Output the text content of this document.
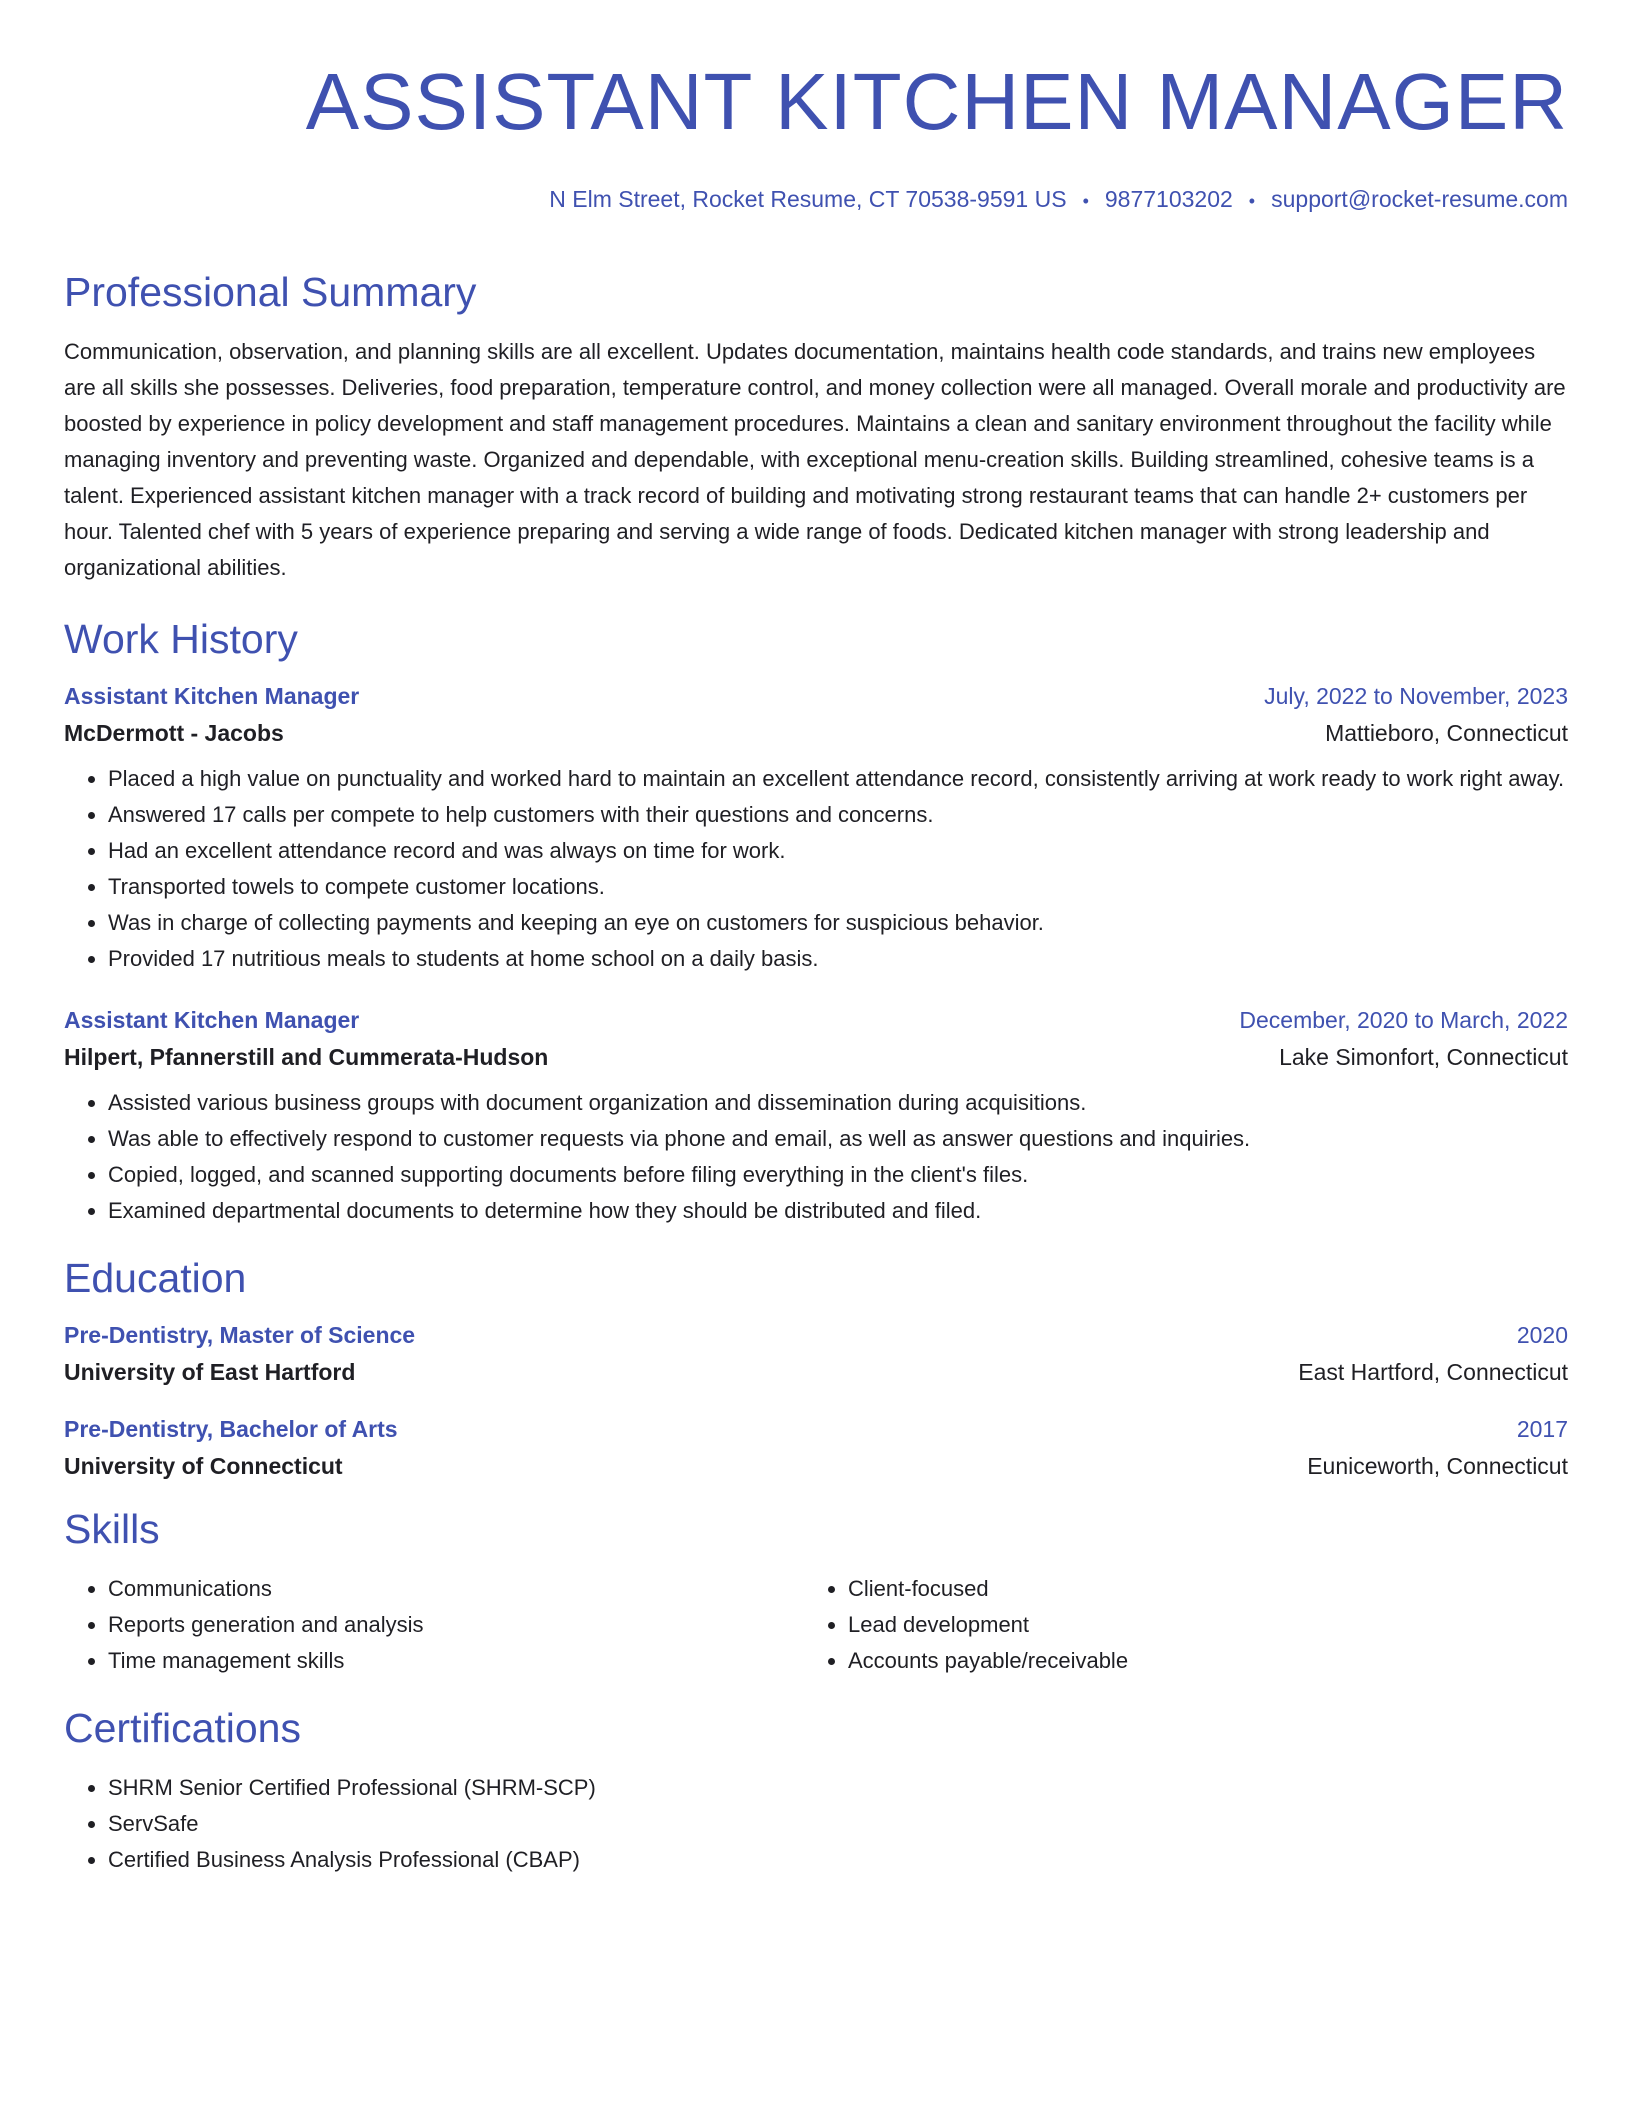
ASSISTANT KITCHEN MANAGER
N Elm Street, Rocket Resume, CT 70538-9591 US • 9877103202 • support@rocket-resume.com
Professional Summary
Communication, observation, and planning skills are all excellent. Updates documentation, maintains health code standards, and trains new employees are all skills she possesses. Deliveries, food preparation, temperature control, and money collection were all managed. Overall morale and productivity are boosted by experience in policy development and staff management procedures. Maintains a clean and sanitary environment throughout the facility while managing inventory and preventing waste. Organized and dependable, with exceptional menu-creation skills. Building streamlined, cohesive teams is a talent. Experienced assistant kitchen manager with a track record of building and motivating strong restaurant teams that can handle 2+ customers per hour. Talented chef with 5 years of experience preparing and serving a wide range of foods. Dedicated kitchen manager with strong leadership and organizational abilities.
Work History
Assistant Kitchen Manager	July, 2022 to November, 2023
McDermott - Jacobs	Mattieboro, Connecticut
• Placed a high value on punctuality and worked hard to maintain an excellent attendance record, consistently arriving at work ready to work right away.
• Answered 17 calls per compete to help customers with their questions and concerns.
• Had an excellent attendance record and was always on time for work.
• Transported towels to compete customer locations.
• Was in charge of collecting payments and keeping an eye on customers for suspicious behavior.
• Provided 17 nutritious meals to students at home school on a daily basis.
Assistant Kitchen Manager	December, 2020 to March, 2022
Hilpert, Pfannerstill and Cummerata-Hudson	Lake Simonfort, Connecticut
• Assisted various business groups with document organization and dissemination during acquisitions.
• Was able to effectively respond to customer requests via phone and email, as well as answer questions and inquiries.
• Copied, logged, and scanned supporting documents before filing everything in the client's files.
• Examined departmental documents to determine how they should be distributed and filed.
Education
Pre-Dentistry, Master of Science	2020
University of East Hartford	East Hartford, Connecticut
Pre-Dentistry, Bachelor of Arts	2017
University of Connecticut	Euniceworth, Connecticut
Skills
• Communications
• Reports generation and analysis
• Time management skills
• Client-focused
• Lead development
• Accounts payable/receivable
Certifications
• SHRM Senior Certified Professional (SHRM-SCP)
• ServSafe
• Certified Business Analysis Professional (CBAP)
